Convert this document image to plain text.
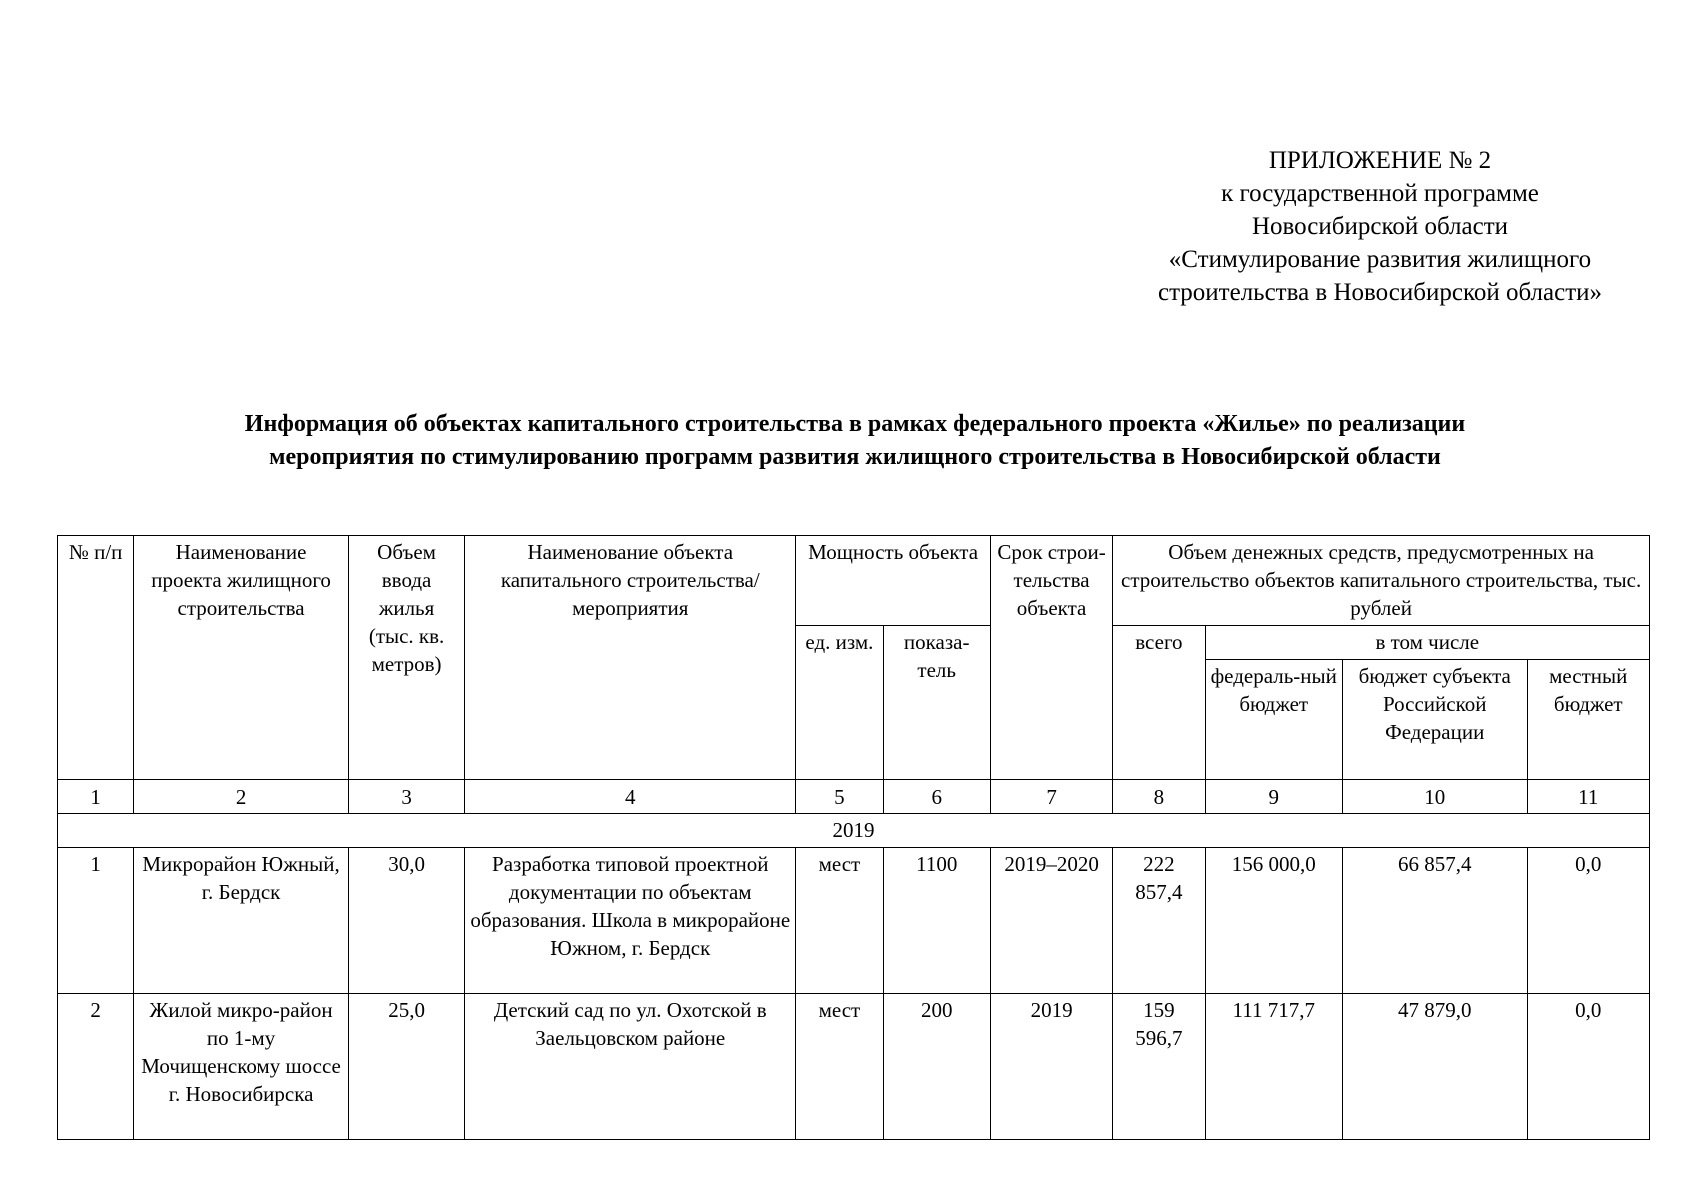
ПРИЛОЖЕНИЕ № 2
к государственной программе
Новосибирской области
«Стимулирование развития жилищного
строительства в Новосибирской области»
Информация об объектах капитального строительства в рамках федерального проекта «Жилье» по реализации
мероприятия по стимулированию программ развития жилищного строительства в Новосибирской области
№ п/п	Наименование проекта жилищного строительства	Объем ввода жилья (тыс. кв. метров)	Наименование объекта капитального строительства/мероприятия	Мощность объекта		Срок строи-тельства объекта	Объем денежных средств, предусмотренных на строительство объектов капитального строительства, тыс. рублей			
				ед. изм.	показа-тель		всего	в том числе		
								федераль-ный бюджет	бюджет субъекта Российской Федерации	местный бюджет
1	2	3	4	5	6	7	8	9	10	11
2019										
1	Микрорайон Южный, г. Бердск	30,0	Разработка типовой проектной документации по объектам образования. Школа в микрорайоне Южном, г. Бердск	мест	1100	2019–2020	222 857,4	156 000,0	66 857,4	0,0
2	Жилой микро-район по 1-му Мочищенскому шоссе г. Новосибирска	25,0	Детский сад по ул. Охотской в Заельцовском районе	мест	200	2019	159 596,7	111 717,7	47 879,0	0,0
